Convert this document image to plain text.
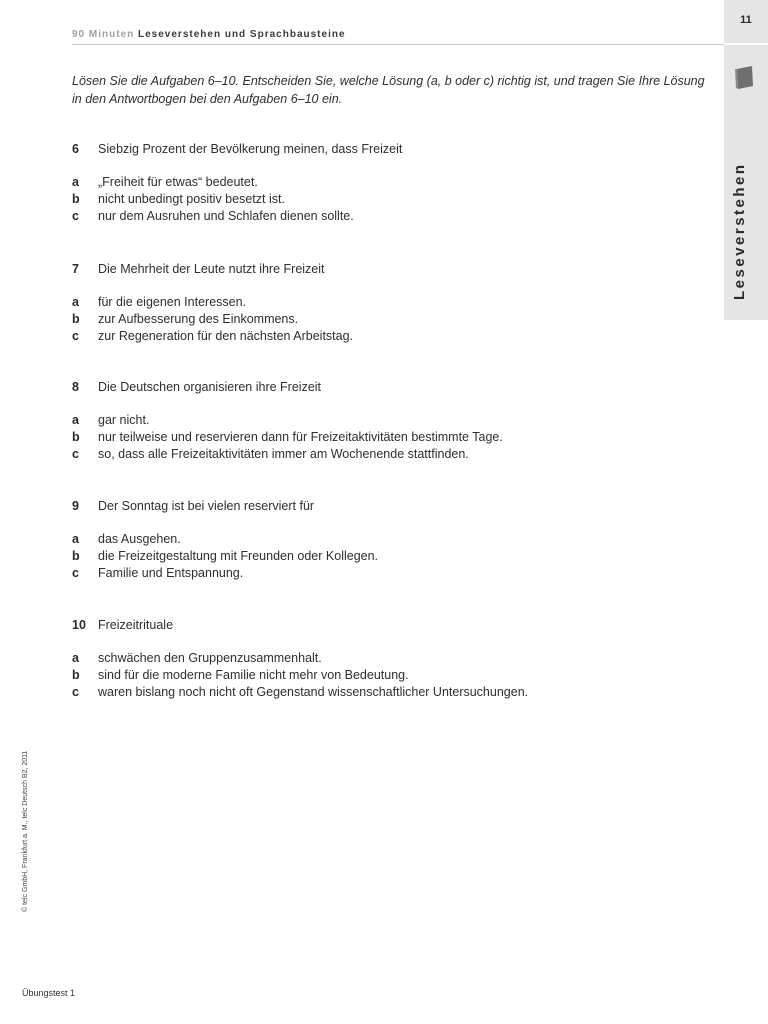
90 Minuten Leseverstehen und Sprachbausteine
11
Leseverstehen

Lösen Sie die Aufgaben 6–10. Entscheiden Sie, welche Lösung (a, b oder c) richtig ist, und tragen Sie Ihre Lösung in den Antwortbogen bei den Aufgaben 6–10 ein.

6 Siebzig Prozent der Bevölkerung meinen, dass Freizeit
a „Freiheit für etwas“ bedeutet.
b nicht unbedingt positiv besetzt ist.
c nur dem Ausruhen und Schlafen dienen sollte.
7 Die Mehrheit der Leute nutzt ihre Freizeit
a für die eigenen Interessen.
b zur Aufbesserung des Einkommens.
c zur Regeneration für den nächsten Arbeitstag.
8 Die Deutschen organisieren ihre Freizeit
a gar nicht.
b nur teilweise und reservieren dann für Freizeitaktivitäten bestimmte Tage.
c so, dass alle Freizeitaktivitäten immer am Wochenende stattfinden.
9 Der Sonntag ist bei vielen reserviert für
a das Ausgehen.
b die Freizeitgestaltung mit Freunden oder Kollegen.
c Familie und Entspannung.
10 Freizeitrituale
a schwächen den Gruppenzusammenhalt.
b sind für die moderne Familie nicht mehr von Bedeutung.
c waren bislang noch nicht oft Gegenstand wissenschaftlicher Untersuchungen.
© telc GmbH, Frankfurt a. M., telc Deutsch B2, 2011
Übungstest 1
